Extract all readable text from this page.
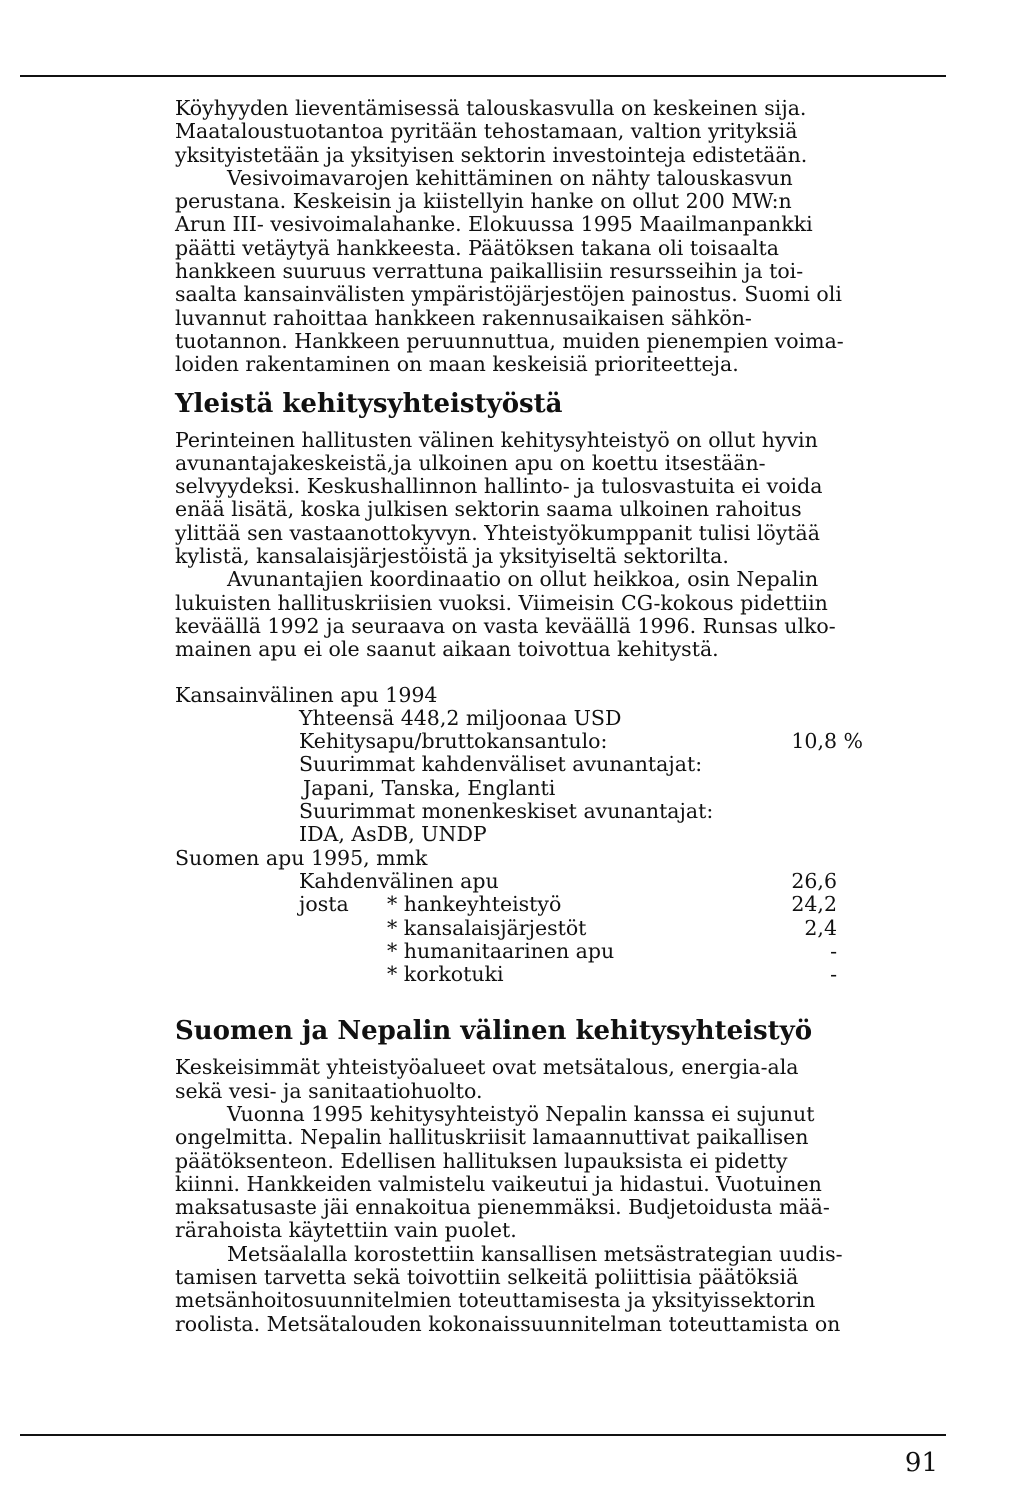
Köyhyyden lieventämisessä talouskasvulla on keskeinen sija.
Maataloustuotantoa pyritään tehostamaan, valtion yrityksiä
yksityistetään ja yksityisen sektorin investointeja edistetään.
Vesivoimavarojen kehittäminen on nähty talouskasvun
perustana. Keskeisin ja kiistellyin hanke on ollut 200 MW:n
Arun III- vesivoimalahanke. Elokuussa 1995 Maailmanpankki
päätti vetäytyä hankkeesta. Päätöksen takana oli toisaalta
hankkeen suuruus verrattuna paikallisiin resursseihin ja toi-
saalta kansainvälisten ympäristöjärjestöjen painostus. Suomi oli
luvannut rahoittaa hankkeen rakennusaikaisen sähkön-
tuotannon. Hankkeen peruunnuttua, muiden pienempien voima-
loiden rakentaminen on maan keskeisiä prioriteetteja.

Yleistä kehitysyhteistyöstä

Perinteinen hallitusten välinen kehitysyhteistyö on ollut hyvin
avunantajakeskeistä,ja ulkoinen apu on koettu itsestään-
selvyydeksi. Keskushallinnon hallinto- ja tulosvastuita ei voida
enää lisätä, koska julkisen sektorin saama ulkoinen rahoitus
ylittää sen vastaanottokyvyn. Yhteistyökumppanit tulisi löytää
kylistä, kansalaisjärjestöistä ja yksityiseltä sektorilta.

Avunantajien koordinaatio on ollut heikkoa, osin Nepalin
lukuisten hallituskriisien vuoksi. Viimeisin CG-kokous pidettiin
keväällä 1992 ja seuraava on vasta keväällä 1996. Runsas ulko-
mainen apu ei ole saanut aikaan toivottua kehitystä.

Kansainvälinen apu 1994
Yhteensä 448,2 miljoonaa USD
Kehitysapu/bruttokansantulo:	10,8 %
Suurimmat kahdenväliset avunantajat:
Japani, Tanska, Englanti
Suurimmat monenkeskiset avunantajat:
IDA, AsDB, UNDP
Suomen apu 1995, mmk
Kahdenvälinen apu	26,6
josta * hankeyhteistyö	24,2
* kansalaisjärjestöt	2,4
* humanitaarinen apu	-
* korkotuki	-
Suomen ja Nepalin välinen kehitysyhteistyö

Keskeisimmät yhteistyöalueet ovat metsätalous, energia-ala
sekä vesi- ja sanitaatiohuolto.

Vuonna 1995 kehitysyhteistyö Nepalin kanssa ei sujunut
ongelmitta. Nepalin hallituskriisit lamaannuttivat paikallisen
päätöksenteon. Edellisen hallituksen lupauksista ei pidetty
kiinni. Hankkeiden valmistelu vaikeutui ja hidastui. Vuotuinen
maksatusaste jäi ennakoitua pienemmäksi. Budjetoidusta mää-
rärahoista käytettiin vain puolet.

Metsäalalla korostettiin kansallisen metsästrategian uudis-
tamisen tarvetta sekä toivottiin selkeitä poliittisia päätöksiä
metsänhoitosuunnitelmien toteuttamisesta ja yksityissektorin
roolista. Metsätalouden kokonaissuunnitelman toteuttamista on

91
